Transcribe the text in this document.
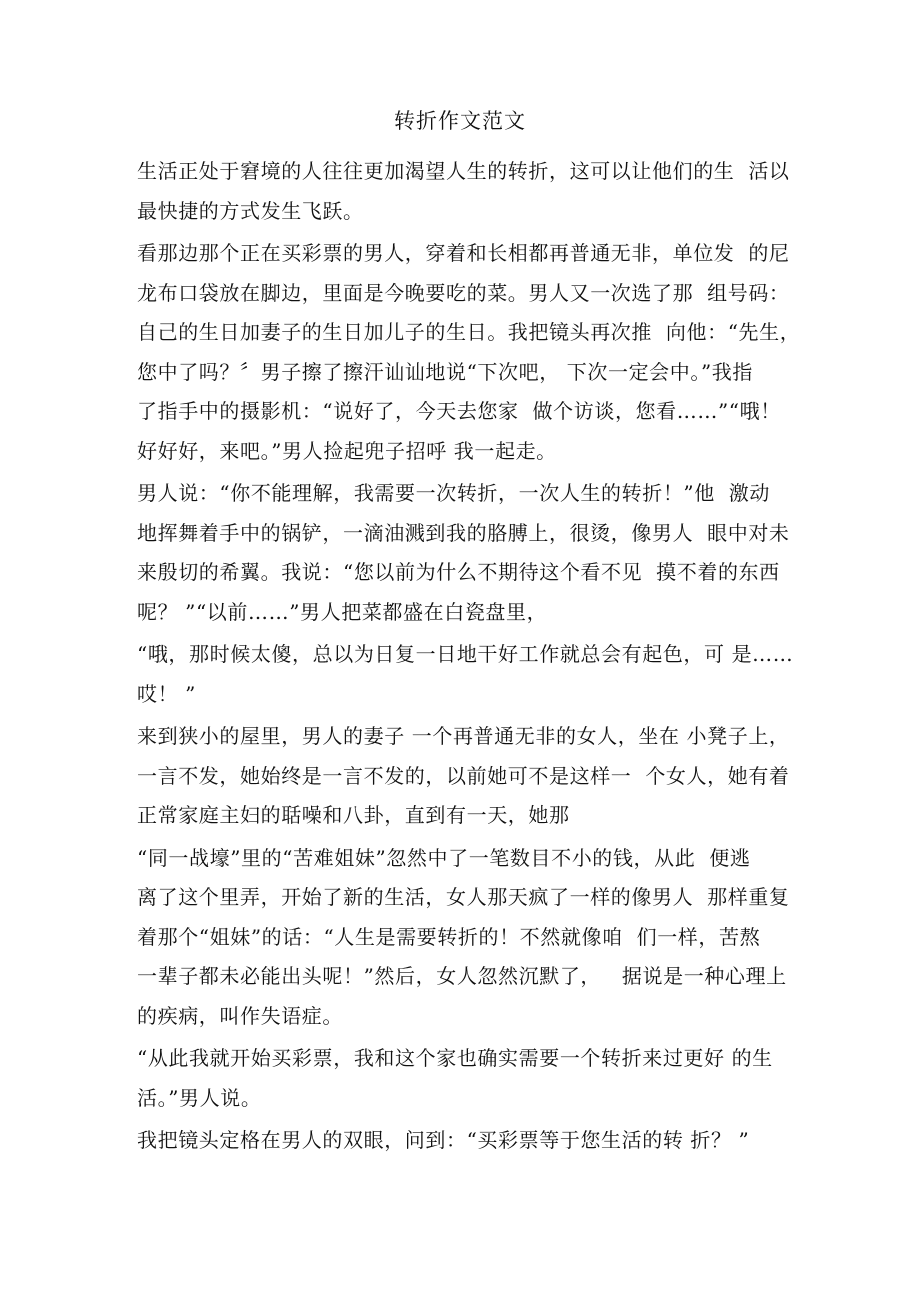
转折作文范文
生活正处于窘境的人往往更加渴望人生的转折，这可以让他们的生  活以
最快捷的方式发生飞跃。
看那边那个正在买彩票的男人，穿着和长相都再普通无非，单位发  的尼
龙布口袋放在脚边，里面是今晚要吃的菜。男人又一次选了那  组号码：
自己的生日加妻子的生日加儿子的生日。我把镜头再次推  向他：“先生，
您中了吗？〞男子擦了擦汗讪讪地说“下次吧， 下次一定会中。”我指
了指手中的摄影机：“说好了，今天去您家  做个访谈，您看……”“哦！
好好好，来吧。”男人捡起兜子招呼 我一起走。
男人说：“你不能理解，我需要一次转折，一次人生的转折！”他  激动
地挥舞着手中的锅铲，一滴油溅到我的胳膊上，很烫，像男人  眼中对未
来殷切的希翼。我说：“您以前为什么不期待这个看不见  摸不着的东西
呢？ ”“以前……”男人把菜都盛在白瓷盘里，
“哦，那时候太傻，总以为日复一日地干好工作就总会有起色，可 是……
哎！ ”
来到狭小的屋里，男人的妻子 一个再普通无非的女人，坐在 小凳子上，
一言不发，她始终是一言不发的，以前她可不是这样一  个女人，她有着
正常家庭主妇的聒噪和八卦，直到有一天，她那
“同一战壕”里的“苦难姐妹”忽然中了一笔数目不小的钱，从此  便逃
离了这个里弄，开始了新的生活，女人那天疯了一样的像男人  那样重复
着那个“姐妹”的话：“人生是需要转折的！不然就像咱  们一样，苦熬
一辈子都未必能出头呢！”然后，女人忽然沉默了，   据说是一种心理上
的疾病，叫作失语症。
“从此我就开始买彩票，我和这个家也确实需要一个转折来过更好 的生
活。”男人说。
我把镜头定格在男人的双眼，问到：“买彩票等于您生活的转 折？ ”
